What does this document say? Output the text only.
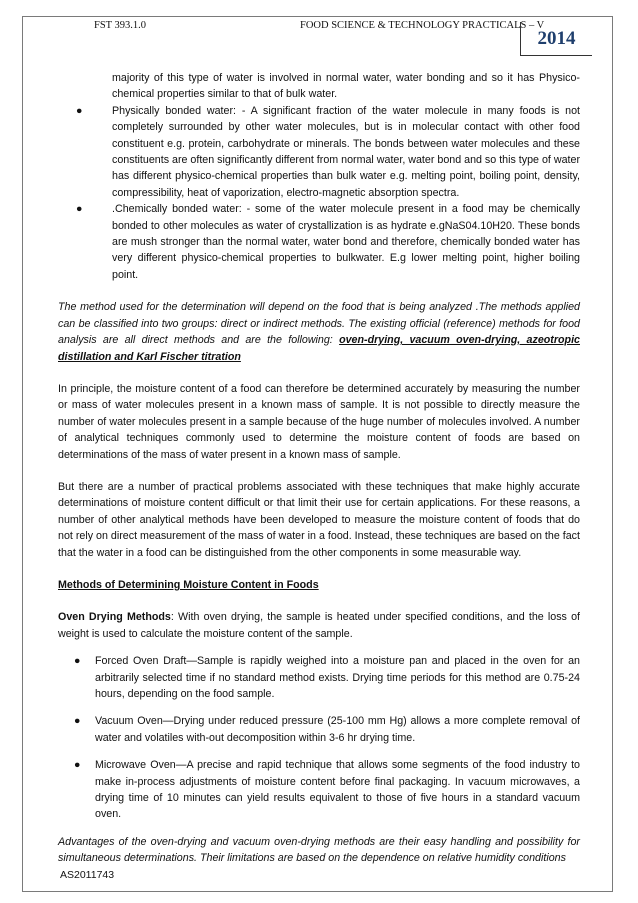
FST 393.1.0	FOOD SCIENCE & TECHNOLOGY PRACTICALS – V
2014

majority of this type of water is involved in normal water, water bonding and so it has Physico-chemical properties similar to that of bulk water.

●	Physically bonded water: - A significant fraction of the water molecule in many foods is not completely surrounded by other water molecules, but is in molecular contact with other food constituent e.g. protein, carbohydrate or minerals. The bonds between water molecules and these constituents are often significantly different from normal water, water bond and so this type of water has different physico-chemical properties than bulk water e.g. melting point, boiling point, density, compressibility, heat of vaporization, electro-magnetic absorption spectra.

●	.Chemically bonded water: - some of the water molecule present in a food may be chemically bonded to other molecules as water of crystallization is as hydrate e.gNaS04.10H20. These bonds are mush stronger than the normal water, water bond and therefore, chemically bonded water has very different physico-chemical properties to bulkwater. E.g lower melting point, higher boiling point.

The method used for the determination will depend on the food that is being analyzed .The methods applied can be classified into two groups: direct or indirect methods. The existing official (reference) methods for food analysis are all direct methods and are the following: oven-drying, vacuum oven-drying, azeotropic distillation and Karl Fischer titration

In principle, the moisture content of a food can therefore be determined accurately by measuring the number or mass of water molecules present in a known mass of sample. It is not possible to directly measure the number of water molecules present in a sample because of the huge number of molecules involved. A number of analytical techniques commonly used to determine the moisture content of foods are based on determinations of the mass of water present in a known mass of sample.

But there are a number of practical problems associated with these techniques that make highly accurate determinations of moisture content difficult or that limit their use for certain applications. For these reasons, a number of other analytical methods have been developed to measure the moisture content of foods that do not rely on direct measurement of the mass of water in a food. Instead, these techniques are based on the fact that the water in a food can be distinguished from the other components in some measurable way.

Methods of Determining Moisture Content in Foods

Oven Drying Methods: With oven drying, the sample is heated under specified conditions, and the loss of weight is used to calculate the moisture content of the sample.

● Forced Oven Draft—Sample is rapidly weighed into a moisture pan and placed in the oven for an arbitrarily selected time if no standard method exists. Drying time periods for this method are 0.75-24 hours, depending on the food sample.

● Vacuum Oven—Drying under reduced pressure (25-100 mm Hg) allows a more complete removal of water and volatiles with-out decomposition within 3-6 hr drying time.

● Microwave Oven—A precise and rapid technique that allows some segments of the food industry to make in-process adjustments of moisture content before final packaging. In vacuum microwaves, a drying time of 10 minutes can yield results equivalent to those of five hours in a standard vacuum oven.

Advantages of the oven-drying and vacuum oven-drying methods are their easy handling and possibility for simultaneous determinations. Their limitations are based on the dependence on relative humidity conditions

AS2011743
